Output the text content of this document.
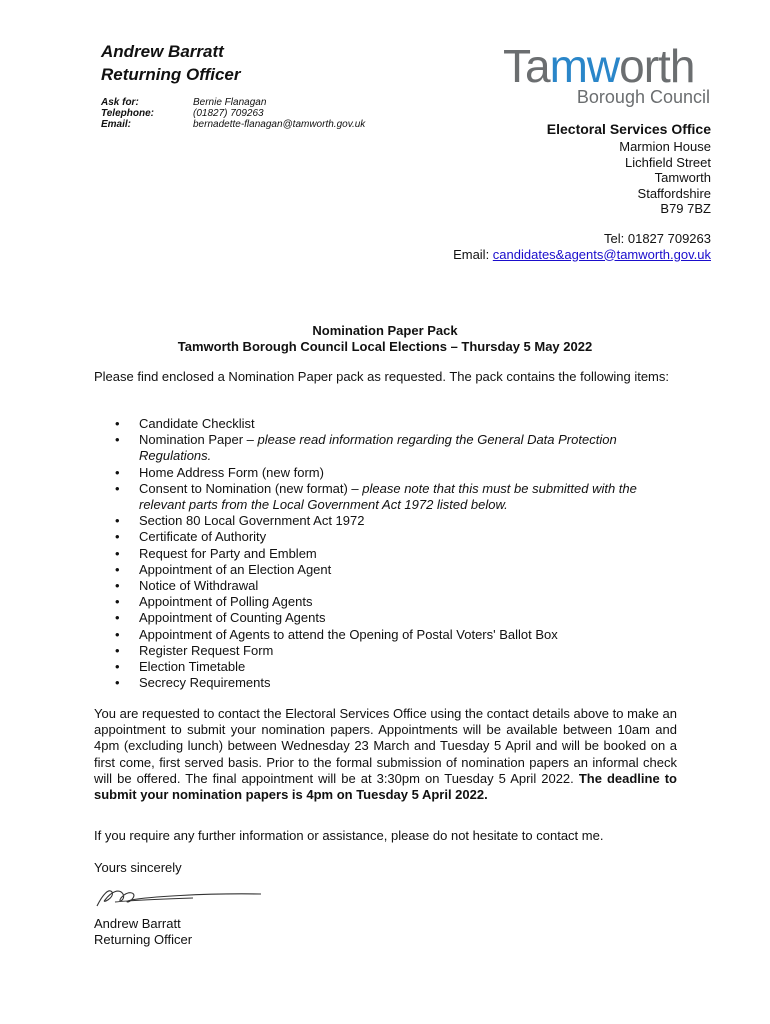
Andrew Barratt
Returning Officer
Ask for:	Bernie Flanagan
Telephone:	(01827) 709263
Email:	bernadette-flanagan@tamworth.gov.uk
Tamworth
Borough Council
Electoral Services Office
Marmion House
Lichfield Street
Tamworth
Staffordshire
B79 7BZ
Tel: 01827 709263
Email: candidates&agents@tamworth.gov.uk
Nomination Paper Pack
Tamworth Borough Council Local Elections – Thursday 5 May 2022
Please find enclosed a Nomination Paper pack as requested. The pack contains the following items:
• Candidate Checklist
• Nomination Paper – please read information regarding the General Data Protection Regulations.
• Home Address Form (new form)
• Consent to Nomination (new format) – please note that this must be submitted with the relevant parts from the Local Government Act 1972 listed below.
• Section 80 Local Government Act 1972
• Certificate of Authority
• Request for Party and Emblem
• Appointment of an Election Agent
• Notice of Withdrawal
• Appointment of Polling Agents
• Appointment of Counting Agents
• Appointment of Agents to attend the Opening of Postal Voters' Ballot Box
• Register Request Form
• Election Timetable
• Secrecy Requirements
You are requested to contact the Electoral Services Office using the contact details above to make an appointment to submit your nomination papers. Appointments will be available between 10am and 4pm (excluding lunch) between Wednesday 23 March and Tuesday 5 April and will be booked on a first come, first served basis. Prior to the formal submission of nomination papers an informal check will be offered. The final appointment will be at 3:30pm on Tuesday 5 April 2022. The deadline to submit your nomination papers is 4pm on Tuesday 5 April 2022.
If you require any further information or assistance, please do not hesitate to contact me.
Yours sincerely
Andrew Barratt
Returning Officer
